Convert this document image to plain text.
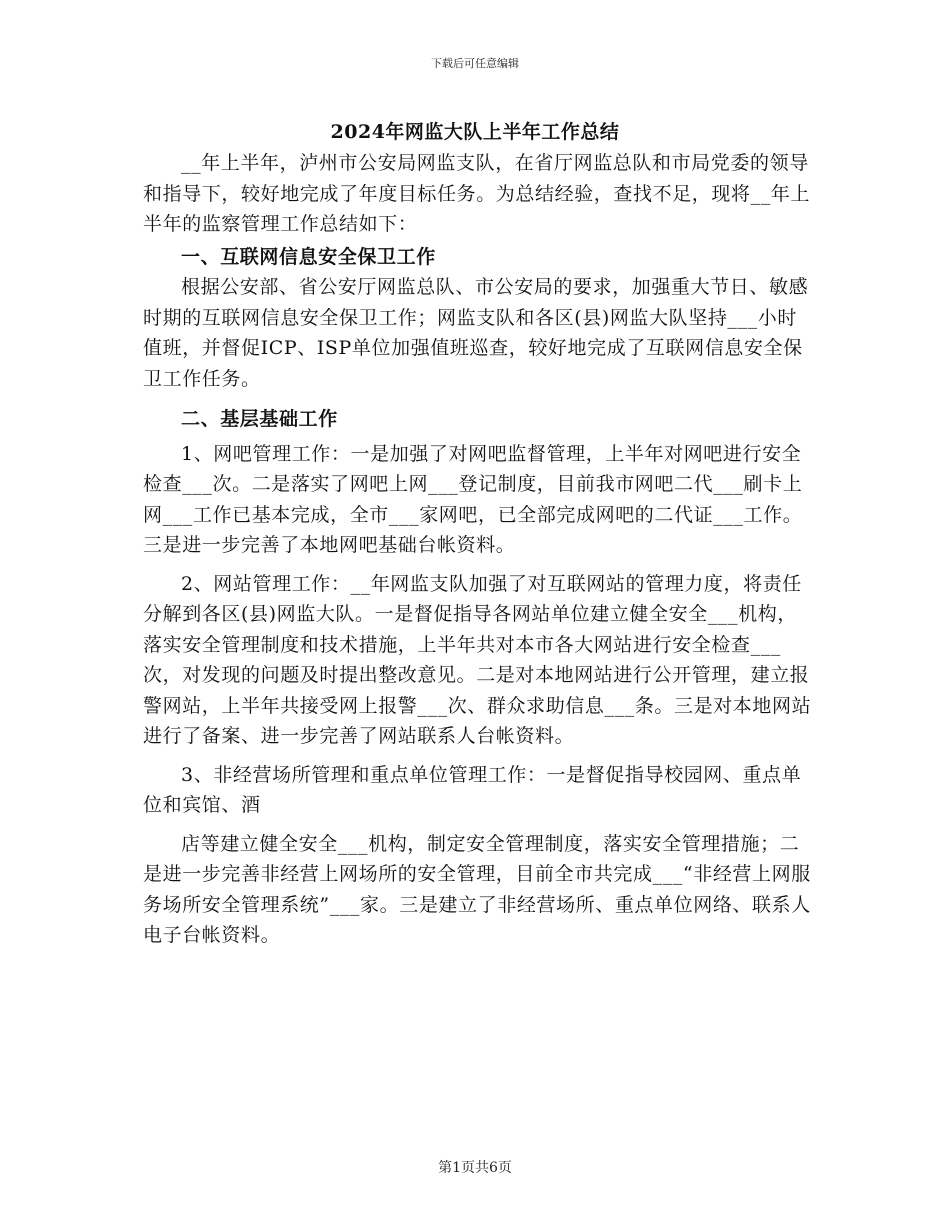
下载后可任意编辑
2024年网监大队上半年工作总结

__年上半年，泸州市公安局网监支队，在省厅网监总队和市局党委的领导和指导下，较好地完成了年度目标任务。为总结经验，查找不足，现将__年上半年的监察管理工作总结如下：

一、互联网信息安全保卫工作

根据公安部、省公安厅网监总队、市公安局的要求，加强重大节日、敏感时期的互联网信息安全保卫工作；网监支队和各区(县)网监大队坚持___小时值班，并督促ICP、ISP单位加强值班巡查，较好地完成了互联网信息安全保卫工作任务。

二、基层基础工作

1、网吧管理工作：一是加强了对网吧监督管理，上半年对网吧进行安全检查___次。二是落实了网吧上网___登记制度，目前我市网吧二代___刷卡上网___工作已基本完成，全市___家网吧，已全部完成网吧的二代证___工作。三是进一步完善了本地网吧基础台帐资料。

2、网站管理工作：__年网监支队加强了对互联网站的管理力度，将责任分解到各区(县)网监大队。一是督促指导各网站单位建立健全安全___机构，落实安全管理制度和技术措施，上半年共对本市各大网站进行安全检查___次，对发现的问题及时提出整改意见。二是对本地网站进行公开管理，建立报警网站，上半年共接受网上报警___次、群众求助信息___条。三是对本地网站进行了备案、进一步完善了网站联系人台帐资料。

3、非经营场所管理和重点单位管理工作：一是督促指导校园网、重点单位和宾馆、酒

店等建立健全安全___机构，制定安全管理制度，落实安全管理措施；二是进一步完善非经营上网场所的安全管理，目前全市共完成___“非经营上网服务场所安全管理系统”___家。三是建立了非经营场所、重点单位网络、联系人电子台帐资料。

第1页共6页
